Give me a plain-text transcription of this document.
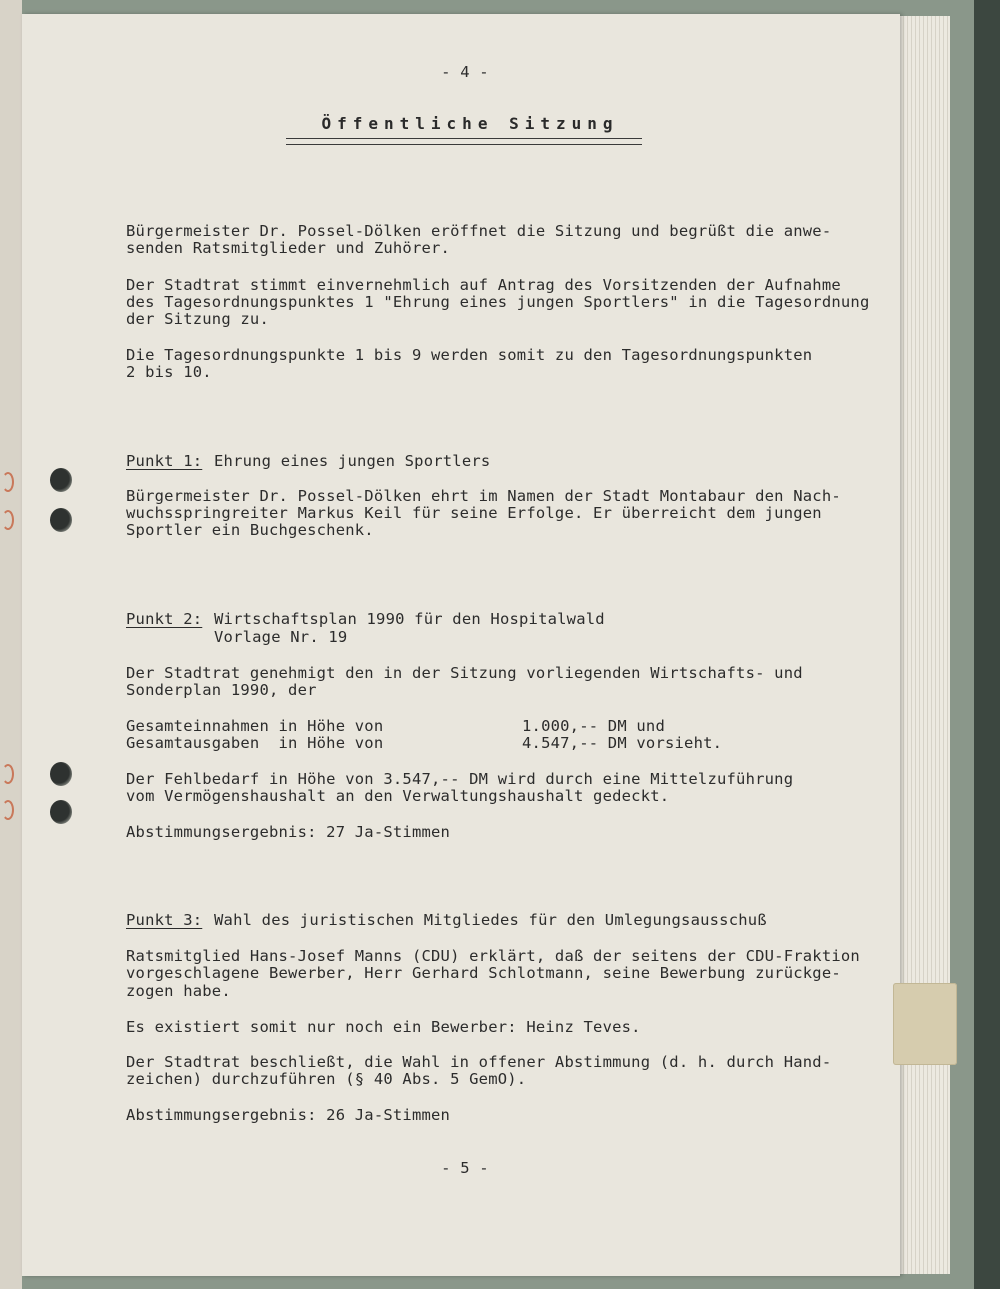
- 4 -
Öffentliche Sitzung
Bürgermeister Dr. Possel-Dölken eröffnet die Sitzung und begrüßt die anwe-
senden Ratsmitglieder und Zuhörer.
Der Stadtrat stimmt einvernehmlich auf Antrag des Vorsitzenden der Aufnahme
des Tagesordnungspunktes 1 "Ehrung eines jungen Sportlers" in die Tagesordnung
der Sitzung zu.
Die Tagesordnungspunkte 1 bis 9 werden somit zu den Tagesordnungspunkten
2 bis 10.
Punkt 1: Ehrung eines jungen Sportlers
Bürgermeister Dr. Possel-Dölken ehrt im Namen der Stadt Montabaur den Nach-
wuchsspringreiter Markus Keil für seine Erfolge. Er überreicht dem jungen
Sportler ein Buchgeschenk.
Punkt 2: Wirtschaftsplan 1990 für den Hospitalwald
Vorlage Nr. 19
Der Stadtrat genehmigt den in der Sitzung vorliegenden Wirtschafts- und
Sonderplan 1990, der
Gesamteinnahmen in Höhe von	1.000,-- DM und
Gesamtausgaben  in Höhe von	4.547,-- DM vorsieht.
Der Fehlbedarf in Höhe von 3.547,-- DM wird durch eine Mittelzuführung
vom Vermögenshaushalt an den Verwaltungshaushalt gedeckt.
Abstimmungsergebnis: 27 Ja-Stimmen
Punkt 3: Wahl des juristischen Mitgliedes für den Umlegungsausschuß
Ratsmitglied Hans-Josef Manns (CDU) erklärt, daß der seitens der CDU-Fraktion
vorgeschlagene Bewerber, Herr Gerhard Schlotmann, seine Bewerbung zurückge-
zogen habe.
Es existiert somit nur noch ein Bewerber: Heinz Teves.
Der Stadtrat beschließt, die Wahl in offener Abstimmung (d. h. durch Hand-
zeichen) durchzuführen (§ 40 Abs. 5 GemO).
Abstimmungsergebnis: 26 Ja-Stimmen
- 5 -
